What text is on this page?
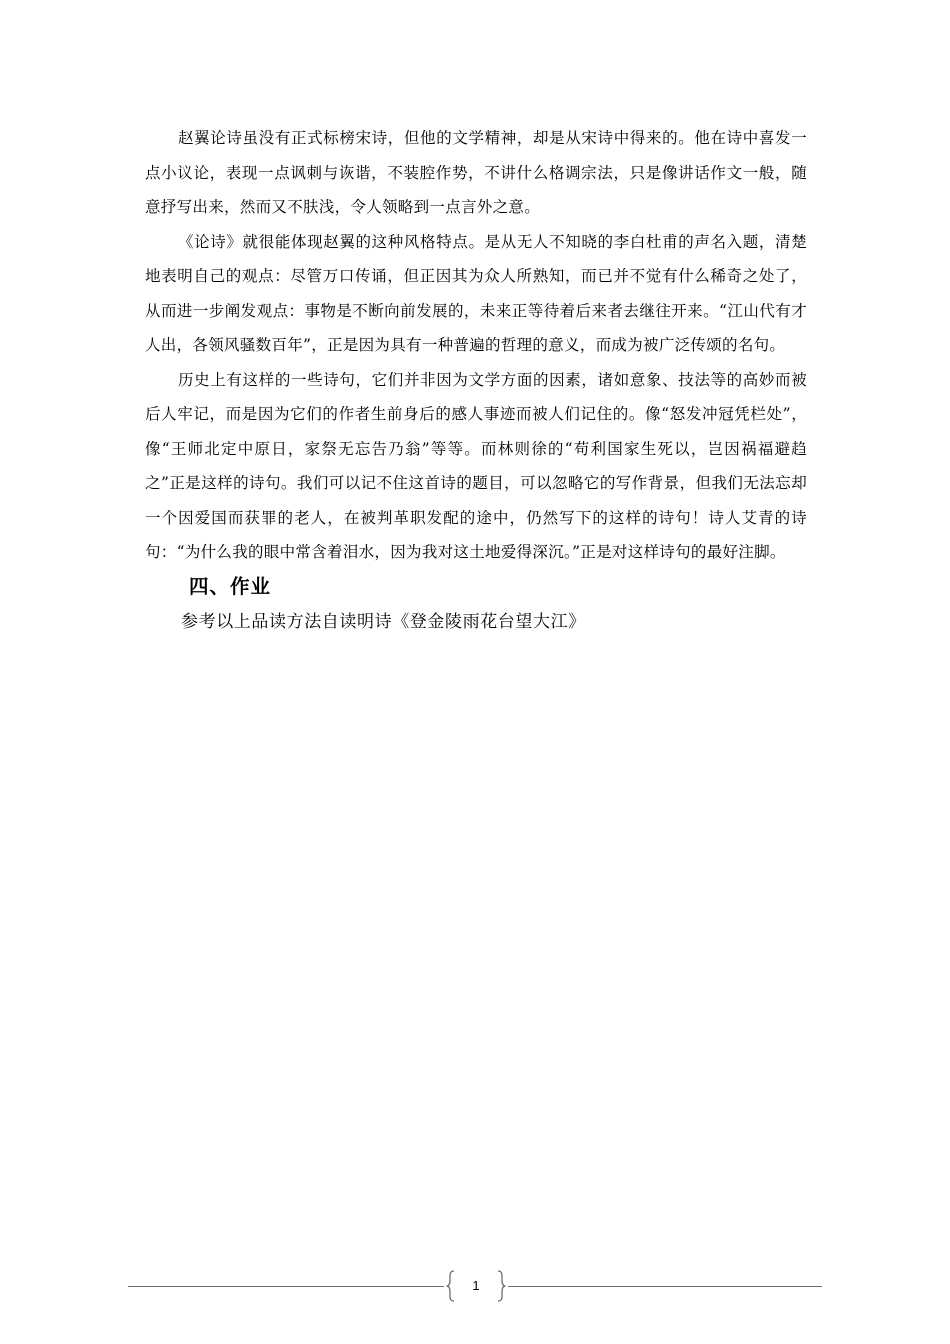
赵翼论诗虽没有正式标榜宋诗，但他的文学精神，却是从宋诗中得来的。他在诗中喜发一点小议论，表现一点讽刺与诙谐，不装腔作势，不讲什么格调宗法，只是像讲话作文一般，随意抒写出来，然而又不肤浅，令人领略到一点言外之意。

《论诗》就很能体现赵翼的这种风格特点。是从无人不知晓的李白杜甫的声名入题，清楚地表明自己的观点：尽管万口传诵，但正因其为众人所熟知，而已并不觉有什么稀奇之处了，从而进一步阐发观点：事物是不断向前发展的，未来正等待着后来者去继往开来。“江山代有才人出，各领风骚数百年”，正是因为具有一种普遍的哲理的意义，而成为被广泛传颂的名句。

历史上有这样的一些诗句，它们并非因为文学方面的因素，诸如意象、技法等的高妙而被后人牢记，而是因为它们的作者生前身后的感人事迹而被人们记住的。像“怒发冲冠凭栏处”，像“王师北定中原日，家祭无忘告乃翁”等等。而林则徐的“苟利国家生死以，岂因祸福避趋之”正是这样的诗句。我们可以记不住这首诗的题目，可以忽略它的写作背景，但我们无法忘却一个因爱国而获罪的老人，在被判革职发配的途中，仍然写下的这样的诗句！诗人艾青的诗句：“为什么我的眼中常含着泪水，因为我对这土地爱得深沉。”正是对这样诗句的最好注脚。

四、作业

参考以上品读方法自读明诗《登金陵雨花台望大江》

1
